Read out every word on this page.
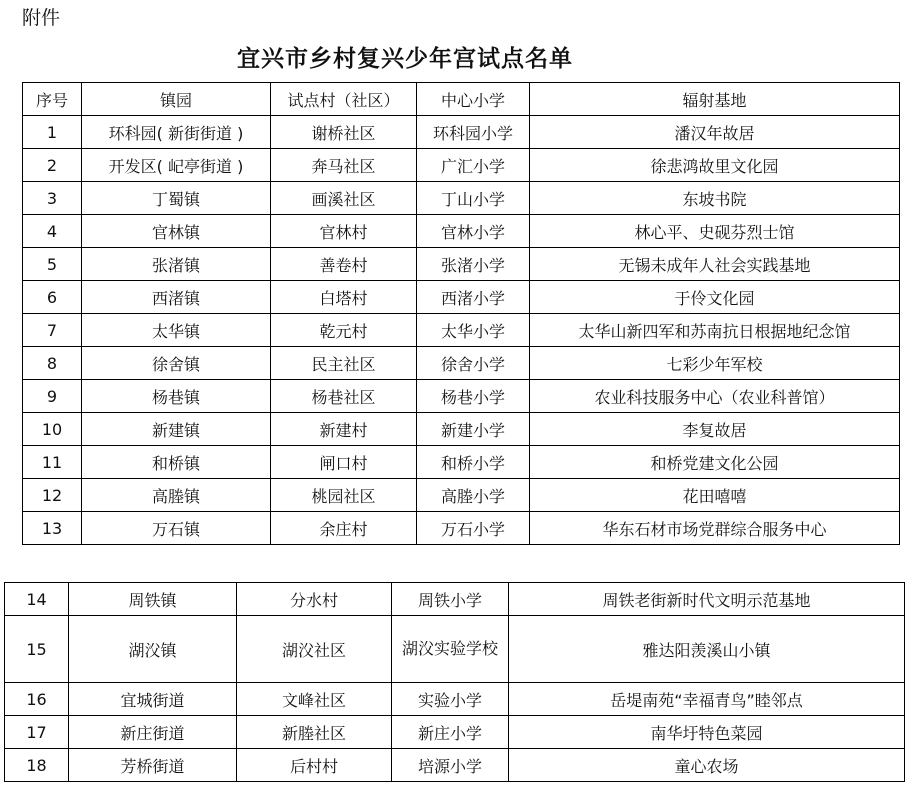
附件
宜兴市乡村复兴少年宫试点名单
序号	镇园	试点村（社区）	中心小学	辐射基地
1	环科园( 新街街道 )	谢桥社区	环科园小学	潘汉年故居
2	开发区( 屺亭街道 )	奔马社区	广汇小学	徐悲鸿故里文化园
3	丁蜀镇	画溪社区	丁山小学	东坡书院
4	官林镇	官林村	官林小学	林心平、史砚芬烈士馆
5	张渚镇	善卷村	张渚小学	无锡未成年人社会实践基地
6	西渚镇	白塔村	西渚小学	于伶文化园
7	太华镇	乾元村	太华小学	太华山新四军和苏南抗日根据地纪念馆
8	徐舍镇	民主社区	徐舍小学	七彩少年军校
9	杨巷镇	杨巷社区	杨巷小学	农业科技服务中心（农业科普馆）
10	新建镇	新建村	新建小学	李复故居
11	和桥镇	闸口村	和桥小学	和桥党建文化公园
12	高塍镇	桃园社区	高塍小学	花田嘻嘻
13	万石镇	余庄村	万石小学	华东石材市场党群综合服务中心
14	周铁镇	分水村	周铁小学	周铁老街新时代文明示范基地
15	湖㳇镇	湖㳇社区	湖㳇实验学校	雅达阳羡溪山小镇
16	宜城街道	文峰社区	实验小学	岳堤南苑“幸福青鸟”睦邻点
17	新庄街道	新塍社区	新庄小学	南华圩特色菜园
18	芳桥街道	后村村	培源小学	童心农场
